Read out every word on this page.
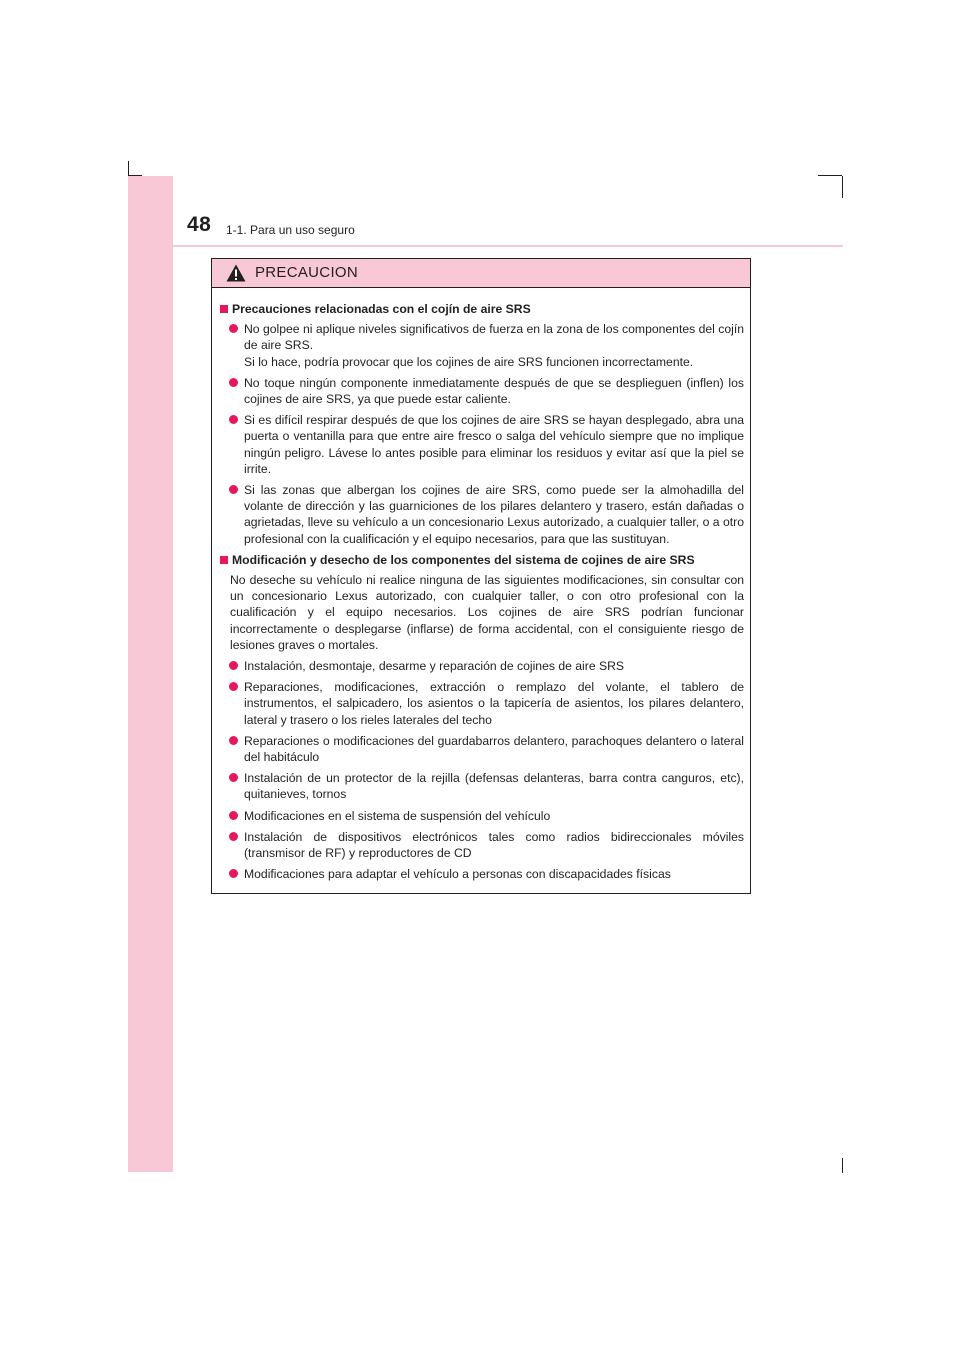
48 1-1. Para un uso seguro
PRECAUCION
Precauciones relacionadas con el cojín de aire SRS
No golpee ni aplique niveles significativos de fuerza en la zona de los componentes del cojín de aire SRS.
Si lo hace, podría provocar que los cojines de aire SRS funcionen incorrectamente.
No toque ningún componente inmediatamente después de que se desplieguen (inflen) los cojines de aire SRS, ya que puede estar caliente.
Si es difícil respirar después de que los cojines de aire SRS se hayan desplegado, abra una puerta o ventanilla para que entre aire fresco o salga del vehículo siempre que no implique ningún peligro. Lávese lo antes posible para eliminar los residuos y evitar así que la piel se irrite.
Si las zonas que albergan los cojines de aire SRS, como puede ser la almohadilla del volante de dirección y las guarniciones de los pilares delantero y trasero, están dañadas o agrietadas, lleve su vehículo a un concesionario Lexus autorizado, a cualquier taller, o a otro profesional con la cualificación y el equipo necesarios, para que las sustituyan.
Modificación y desecho de los componentes del sistema de cojines de aire SRS
No deseche su vehículo ni realice ninguna de las siguientes modificaciones, sin consultar con un concesionario Lexus autorizado, con cualquier taller, o con otro profesional con la cualificación y el equipo necesarios. Los cojines de aire SRS podrían funcionar incorrectamente o desplegarse (inflarse) de forma accidental, con el consiguiente riesgo de lesiones graves o mortales.
Instalación, desmontaje, desarme y reparación de cojines de aire SRS
Reparaciones, modificaciones, extracción o remplazo del volante, el tablero de instrumentos, el salpicadero, los asientos o la tapicería de asientos, los pilares delantero, lateral y trasero o los rieles laterales del techo
Reparaciones o modificaciones del guardabarros delantero, parachoques delantero o lateral del habitáculo
Instalación de un protector de la rejilla (defensas delanteras, barra contra canguros, etc), quitanieves, tornos
Modificaciones en el sistema de suspensión del vehículo
Instalación de dispositivos electrónicos tales como radios bidireccionales móviles (transmisor de RF) y reproductores de CD
Modificaciones para adaptar el vehículo a personas con discapacidades físicas
